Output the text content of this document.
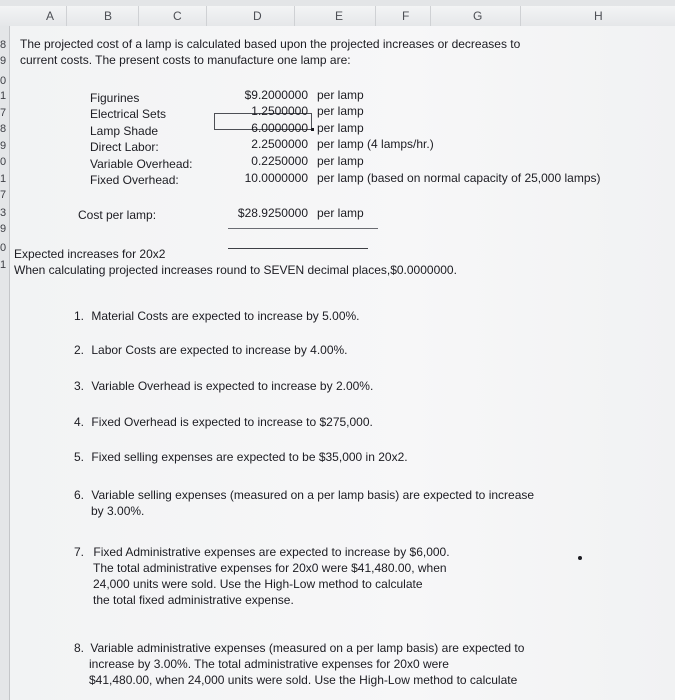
A	B	C	D	E	F	G	H
8
9
0
1
7
8
9
0
1
7
3
9
0
1
The projected cost of a lamp is calculated based upon the projected increases or decreases to
current costs. The present costs to manufacture one lamp are:
Figurines	$9.2000000 per lamp
Electrical Sets	1.2500000 per lamp
Lamp Shade	6.0000000 per lamp
Direct Labor:	2.2500000 per lamp (4 lamps/hr.)
Variable Overhead:	0.2250000 per lamp
Fixed Overhead:	10.0000000 per lamp (based on normal capacity of 25,000 lamps)
Cost per lamp:	$28.9250000 per lamp
Expected increases for 20x2
When calculating projected increases round to SEVEN decimal places,$0.0000000.
1. Material Costs are expected to increase by 5.00%.
2. Labor Costs are expected to increase by 4.00%.
3. Variable Overhead is expected to increase by 2.00%.
4. Fixed Overhead is expected to increase to $275,000.
5. Fixed selling expenses are expected to be $35,000 in 20x2.
6. Variable selling expenses (measured on a per lamp basis) are expected to increase
by 3.00%.
7. Fixed Administrative expenses are expected to increase by $6,000.
The total administrative expenses for 20x0 were $41,480.00, when
24,000 units were sold. Use the High-Low method to calculate
the total fixed administrative expense.
8. Variable administrative expenses (measured on a per lamp basis) are expected to
increase by 3.00%. The total administrative expenses for 20x0 were
$41,480.00, when 24,000 units were sold. Use the High-Low method to calculate
